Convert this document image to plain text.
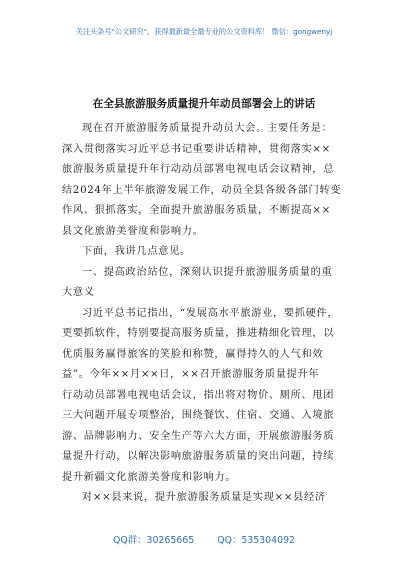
关注头条号"公文研究"，获得最新最全最专业的公文资料库！ 微信：gongwenyj
在全县旅游服务质量提升年动员部署会上的讲话
现在召开旅游服务质量提升动员大会。主要任务是：
深入贯彻落实习近平总书记重要讲话精神，贯彻落实××
旅游服务质量提升年行动动员部署电视电话会议精神，总
结2024年上半年旅游发展工作，动员全县各级各部门转变
作风、狠抓落实，全面提升旅游服务质量，不断提高××
县文化旅游美誉度和影响力。
下面，我讲几点意见。
一、提高政治站位，深刻认识提升旅游服务质量的重
大意义
习近平总书记指出，“发展高水平旅游业，要抓硬件，
更要抓软件，特别要提高服务质量，推进精细化管理，以
优质服务赢得旅客的笑脸和称赞，赢得持久的人气和效
益”。今年××月××日，××召开旅游服务质量提升年
行动动员部署电视电话会议，指出将对物价、厕所、甩团
三大问题开展专项整治，围绕餐饮、住宿、交通、入境旅
游、品牌影响力、安全生产等六大方面，开展旅游服务质
量提升行动，以解决影响旅游服务质量的突出问题，持续
提升新疆文化旅游美誉度和影响力。
对××县来说，提升旅游服务质量是实现××县经济
QQ群：30265665 QQ：535304092
